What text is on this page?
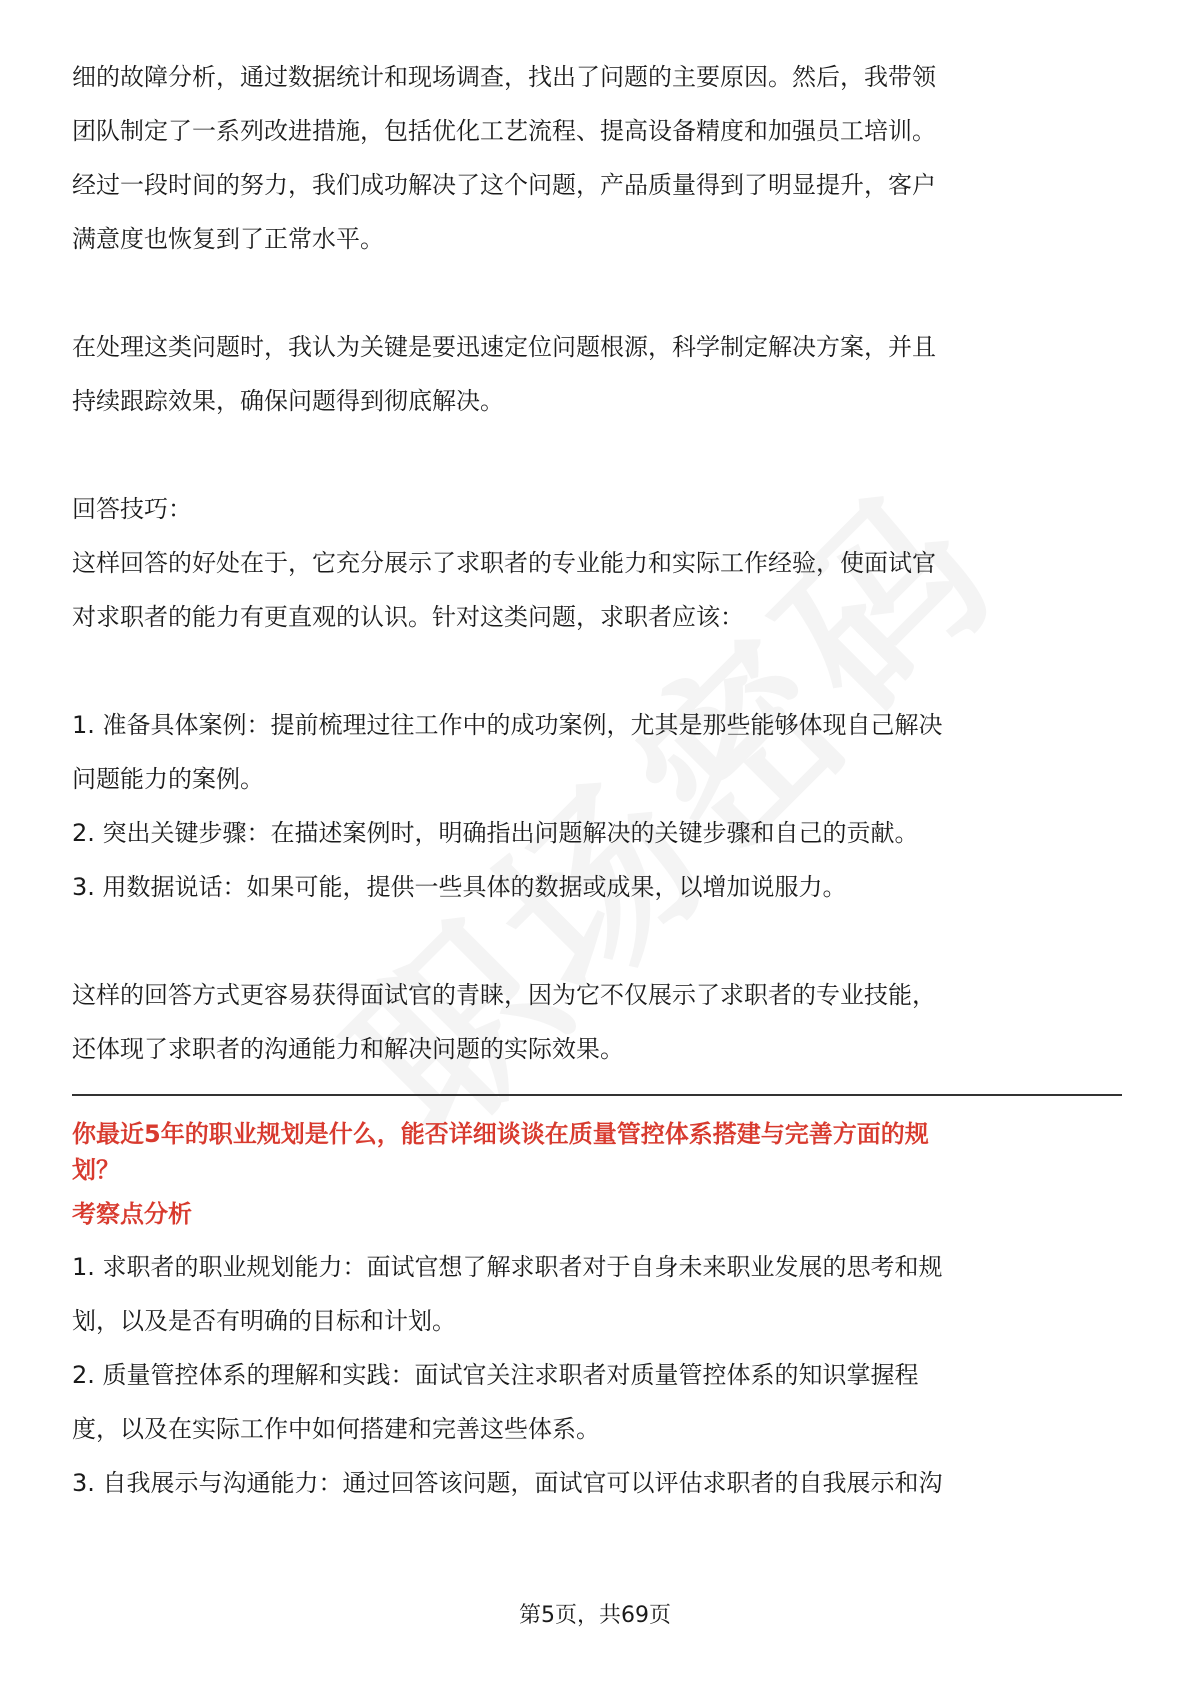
细的故障分析，通过数据统计和现场调查，找出了问题的主要原因。然后，我带领

团队制定了一系列改进措施，包括优化工艺流程、提高设备精度和加强员工培训。

经过一段时间的努力，我们成功解决了这个问题，产品质量得到了明显提升，客户

满意度也恢复到了正常水平。

在处理这类问题时，我认为关键是要迅速定位问题根源，科学制定解决方案，并且

持续跟踪效果，确保问题得到彻底解决。

回答技巧：

这样回答的好处在于，它充分展示了求职者的专业能力和实际工作经验，使面试官

对求职者的能力有更直观的认识。针对这类问题，求职者应该：

1. 准备具体案例：提前梳理过往工作中的成功案例，尤其是那些能够体现自己解决

问题能力的案例。

2. 突出关键步骤：在描述案例时，明确指出问题解决的关键步骤和自己的贡献。

3. 用数据说话：如果可能，提供一些具体的数据或成果，以增加说服力。

这样的回答方式更容易获得面试官的青睐，因为它不仅展示了求职者的专业技能，

还体现了求职者的沟通能力和解决问题的实际效果。

你最近5年的职业规划是什么，能否详细谈谈在质量管控体系搭建与完善方面的规

划？

考察点分析

1. 求职者的职业规划能力：面试官想了解求职者对于自身未来职业发展的思考和规

划，以及是否有明确的目标和计划。

2. 质量管控体系的理解和实践：面试官关注求职者对质量管控体系的知识掌握程

度，以及在实际工作中如何搭建和完善这些体系。

3. 自我展示与沟通能力：通过回答该问题，面试官可以评估求职者的自我展示和沟

第5页，共69页
